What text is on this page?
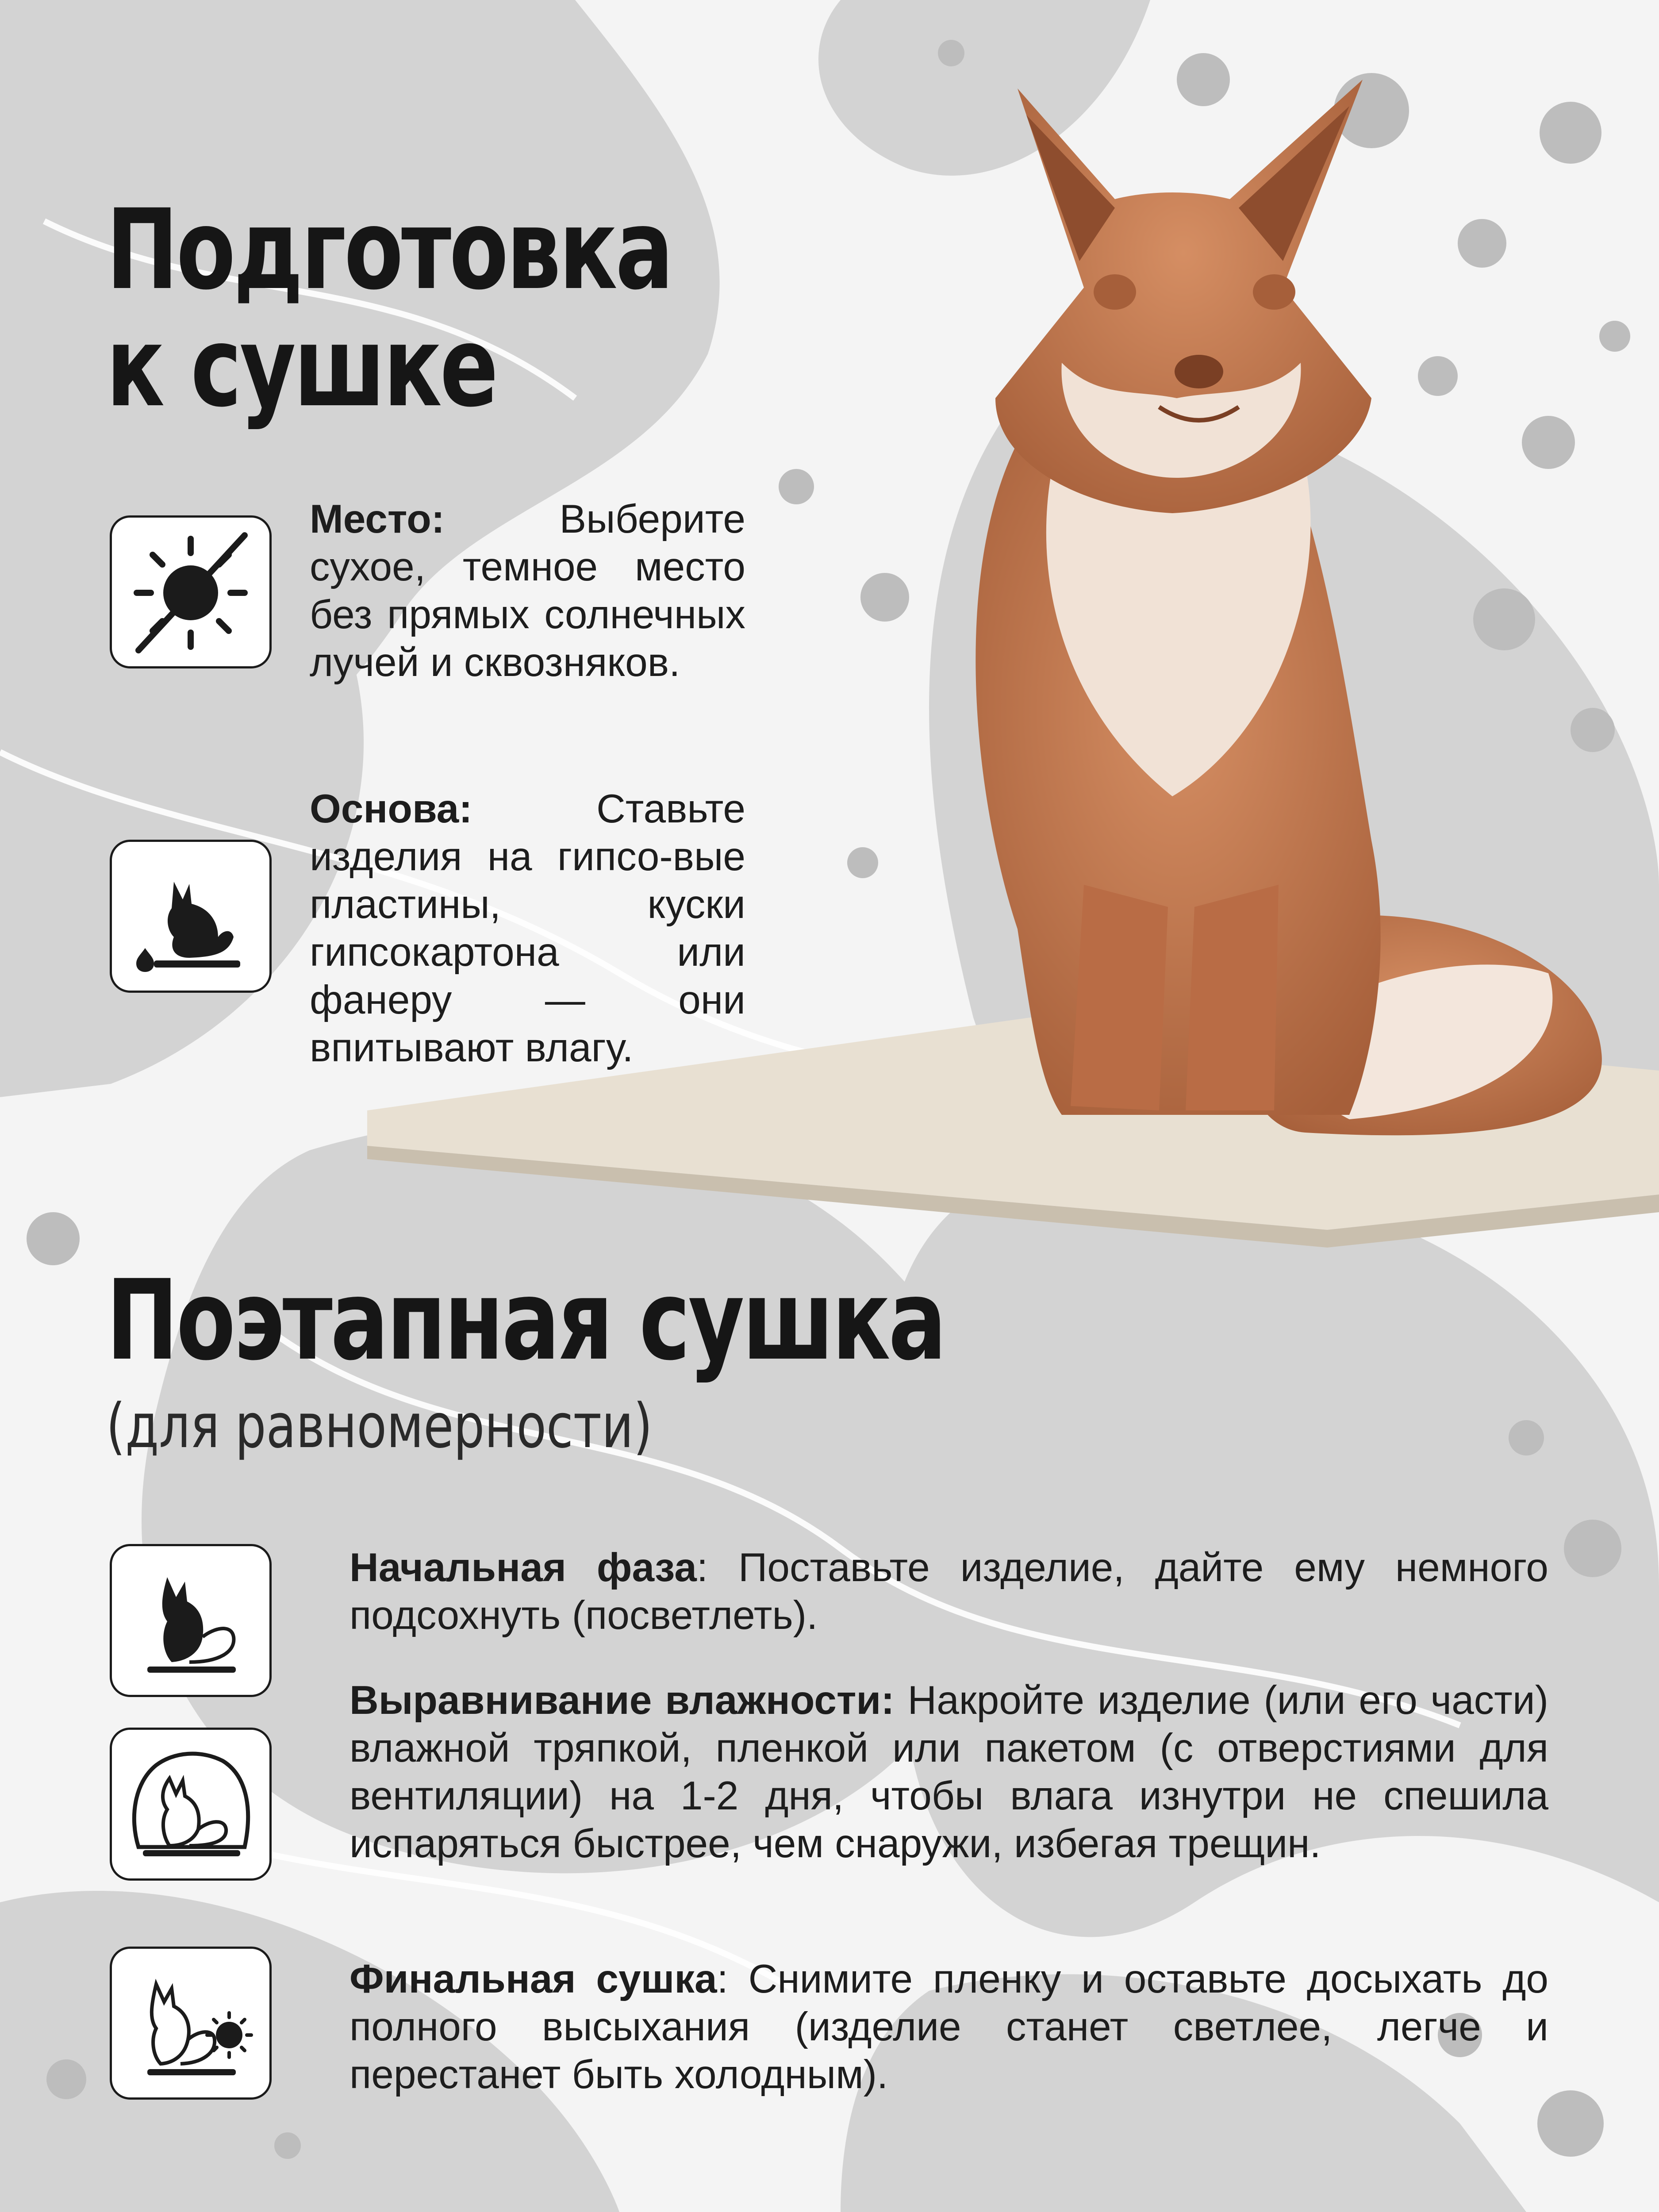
Подготовка
к сушке

Место:	Выберите сухое, темное место без прямых солнечных лучей и сквозняков.

Основа:	Ставьте изделия на гипсо-вые пластины, куски гипсокартона или фанеру — они впитывают влагу.

Поэтапная сушка

(для равномерности)

Начальная фаза: Поставьте изделие, дайте ему немного подсохнуть (посветлеть).

Выравнивание влажности: Накройте изделие (или его части) влажной тряпкой, пленкой или пакетом (с отверстиями для вентиляции) на 1-2 дня, чтобы влага изнутри не спешила испаряться быстрее, чем снаружи, избегая трещин.

Финальная сушка: Снимите пленку и оставьте досыхать до полного высыхания (изделие станет светлее, легче и перестанет быть холодным).
